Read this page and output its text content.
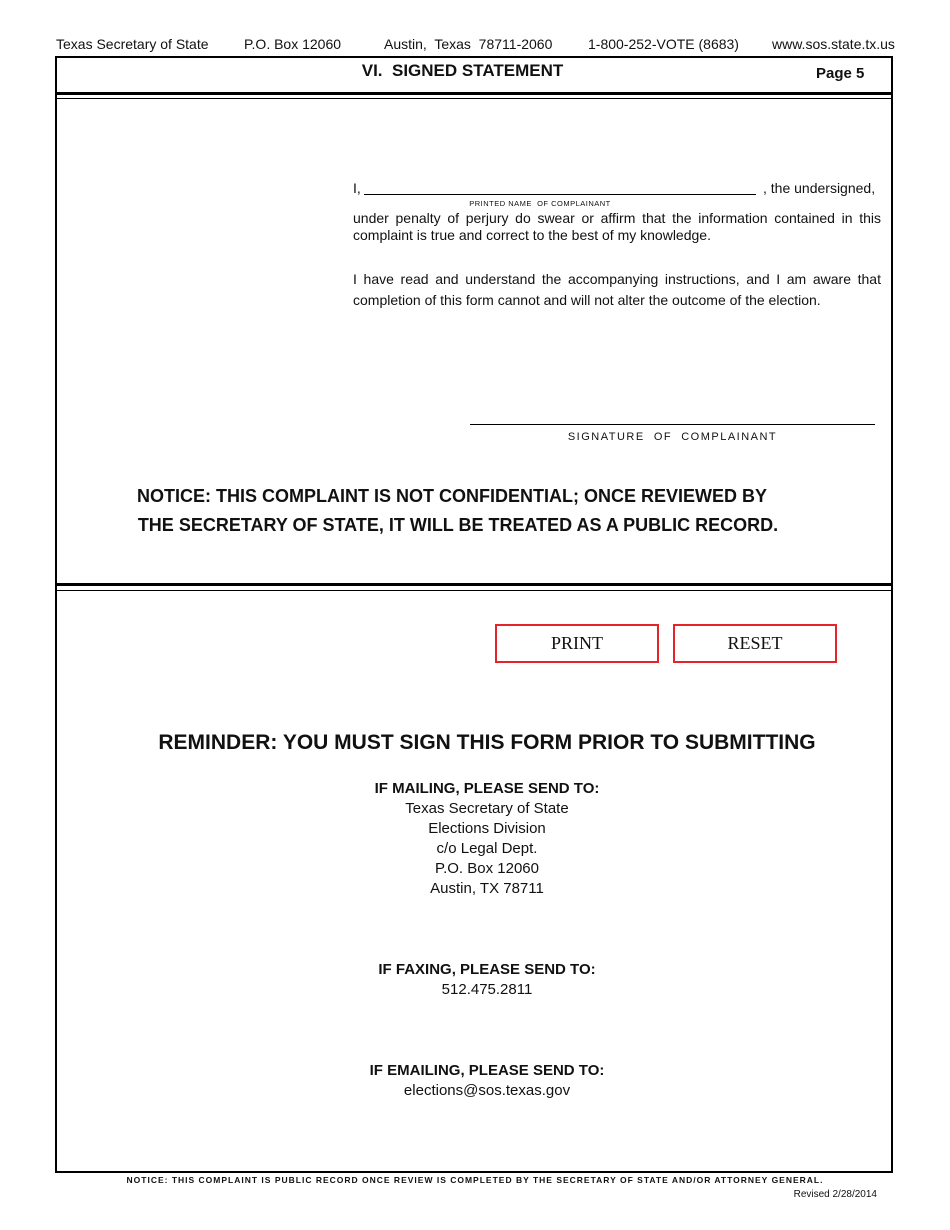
Texas Secretary of State	P.O. Box 12060	Austin,  Texas  78711-2060	1-800-252-VOTE (8683) www.sos.state.tx.us
VI.  SIGNED STATEMENT	Page 5
I,
PRINTED NAME  OF COMPLAINANT
, the undersigned,
under penalty of perjury do swear or affirm that the information contained in this complaint is true and correct to the best of my knowledge.
I have read and understand the accompanying instructions, and I am aware that completion of this form cannot and will not alter the outcome of the election.
SIGNATURE  OF  COMPLAINANT
NOTICE: THIS COMPLAINT IS NOT CONFIDENTIAL; ONCE REVIEWED BY
THE SECRETARY OF STATE, IT WILL BE TREATED AS A PUBLIC RECORD.
PRINT	RESET
REMINDER: YOU MUST SIGN THIS FORM PRIOR TO SUBMITTING
IF MAILING, PLEASE SEND TO:
Texas Secretary of State
Elections Division
c/o Legal Dept.
P.O. Box 12060
Austin, TX 78711
IF FAXING, PLEASE SEND TO:
512.475.2811
IF EMAILING, PLEASE SEND TO:
elections@sos.texas.gov
NOTICE: THIS COMPLAINT IS PUBLIC RECORD ONCE REVIEW IS COMPLETED BY THE SECRETARY OF STATE AND/OR ATTORNEY GENERAL.
Revised 2/28/2014
